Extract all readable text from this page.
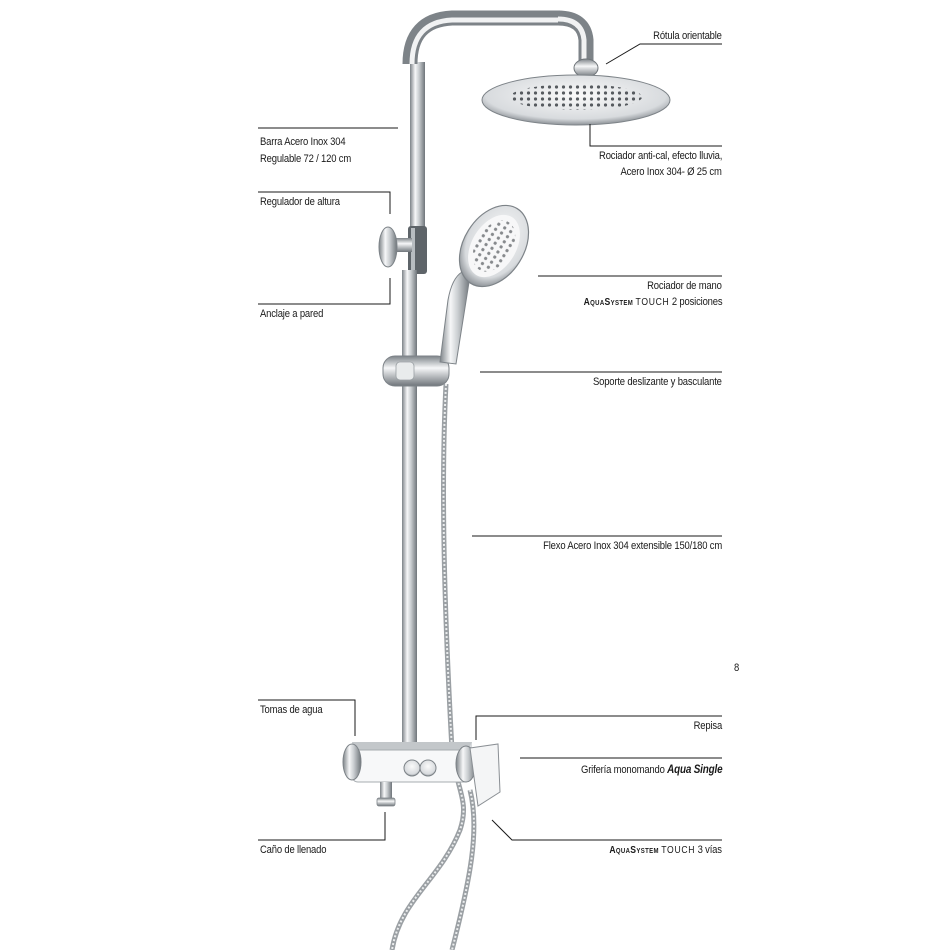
Rótula orientable
Barra Acero Inox 304
Regulable 72 / 120 cm	Rociador anti-cal, efecto lluvia,
Acero Inox 304- Ø 25 cm
Regulador de altura
Rociador de mano
AquaSystem TOUCH 2 posiciones
Anclaje a pared
Soporte deslizante y basculante
Flexo Acero Inox 304 extensible 150/180 cm
8
Tomas de agua
Repisa
Grifería monomando Aqua Single
Caño de llenado	AquaSystem TOUCH 3 vías
